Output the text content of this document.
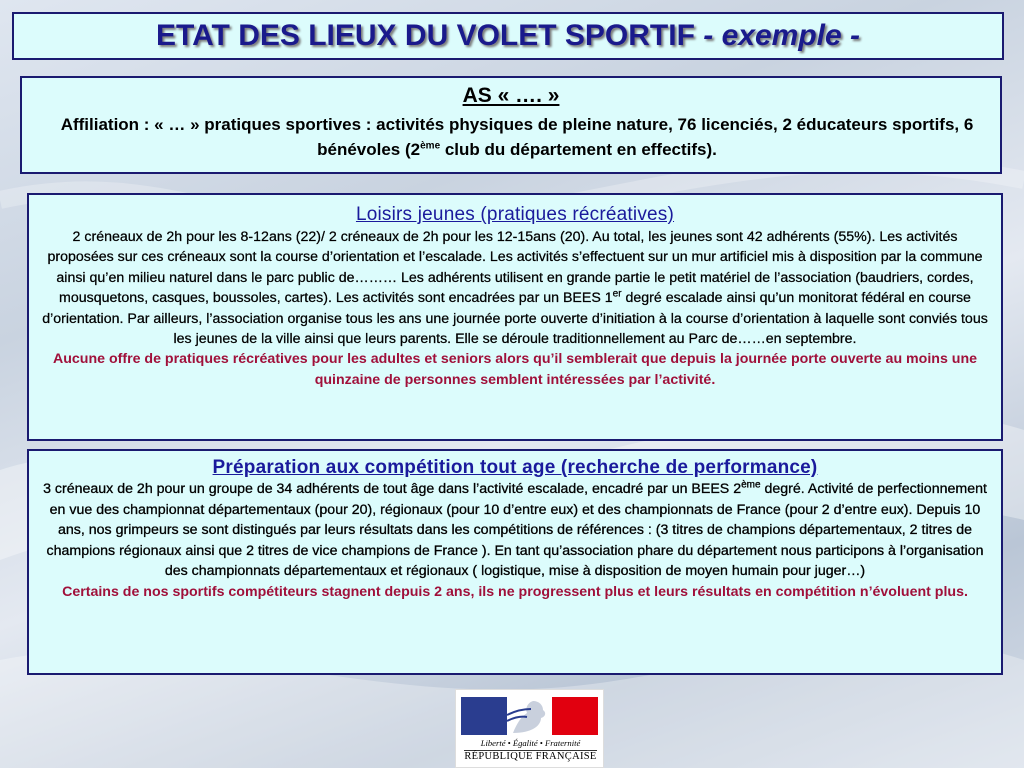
ETAT DES LIEUX DU VOLET SPORTIF - exemple -
AS « …. »
Affiliation : « … » pratiques sportives : activités physiques de pleine nature, 76 licenciés, 2 éducateurs sportifs, 6 bénévoles (2ème club du département en effectifs).
Loisirs jeunes (pratiques récréatives)
2 créneaux de 2h pour les 8-12ans (22)/ 2 créneaux de 2h pour les 12-15ans (20). Au total, les jeunes sont 42 adhérents (55%). Les activités proposées sur ces créneaux sont la course d’orientation et l’escalade. Les activités s’effectuent sur un mur artificiel mis à disposition par la commune ainsi qu’en milieu naturel dans le parc public de……… Les adhérents utilisent en grande partie le petit matériel de l’association (baudriers, cordes, mousquetons, casques, boussoles, cartes). Les activités sont encadrées par un BEES 1er degré escalade ainsi qu’un monitorat fédéral en course d’orientation. Par ailleurs, l’association organise tous les ans une journée porte ouverte d’initiation à la course d’orientation à laquelle sont conviés tous les jeunes de la ville ainsi que leurs parents. Elle se déroule traditionnellement au Parc de……en septembre.
Aucune offre de pratiques récréatives pour les adultes et seniors alors qu’il semblerait que depuis la journée porte ouverte au moins une quinzaine de personnes semblent intéressées par l’activité.
Préparation aux compétition tout age (recherche de performance)
3 créneaux de 2h pour un groupe de 34 adhérents de tout âge dans l’activité escalade, encadré par un BEES 2ème degré. Activité de perfectionnement en vue des championnat départementaux (pour 20), régionaux (pour 10 d’entre eux) et des championnats de France (pour 2 d’entre eux). Depuis 10 ans, nos grimpeurs se sont distingués par leurs résultats dans les compétitions de références : (3 titres de champions départementaux, 2 titres de champions régionaux ainsi que 2 titres de vice champions de France ). En tant qu’association phare du département nous participons à l’organisation des championnats départementaux et régionaux ( logistique, mise à disposition de moyen humain pour juger…)
Certains de nos sportifs compétiteurs stagnent depuis 2 ans, ils ne progressent plus et leurs résultats en compétition n’évoluent plus.
Liberté • Égalité • Fraternité
RÉPUBLIQUE FRANÇAISE
